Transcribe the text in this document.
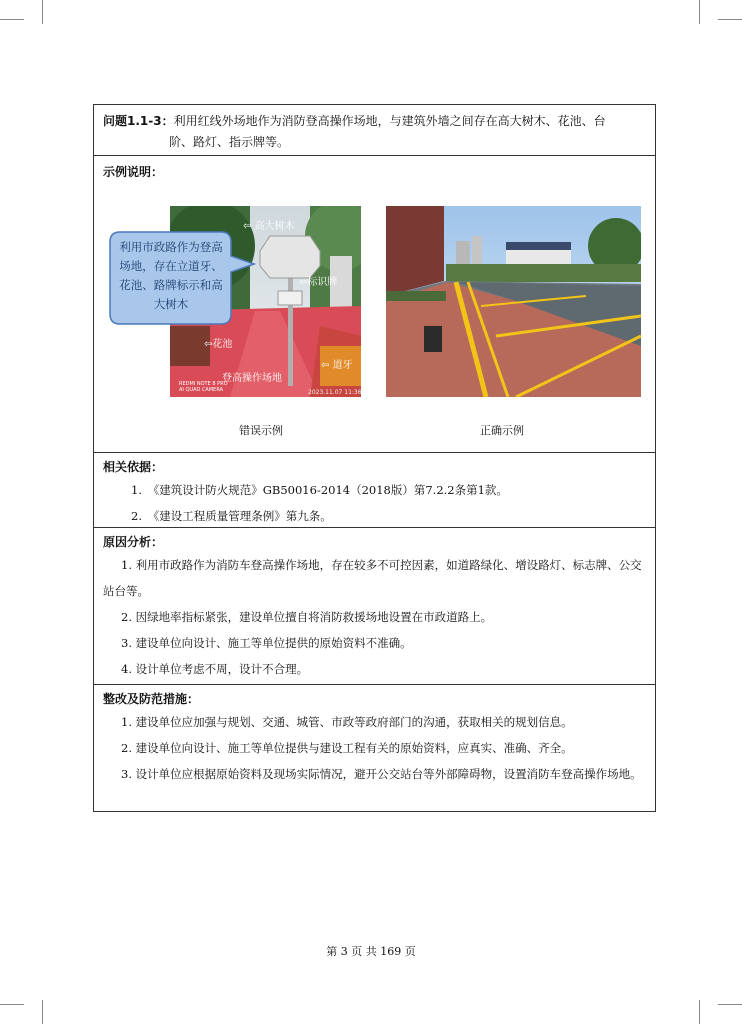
问题1.1-3：利用红线外场地作为消防登高操作场地，与建筑外墙之间存在高大树木、花池、台
阶、路灯、指示牌等。
示例说明：
⇦ 高大树木
⇦标识牌
⇦花池
⇦ 道牙
登高操作场地
REDMI NOTE 8 PRO
AI QUAD CAMERA	2023.11.07 11:36
利用市政路作为登高场地，存在立道牙、花池、路牌标示和高大树木
错误示例	正确示例
相关依据：
1.　《建筑设计防火规范》GB50016-2014（2018版）第7.2.2条第1款。
2.　《建设工程质量管理条例》第九条。
原因分析：
1. 利用市政路作为消防车登高操作场地，存在较多不可控因素，如道路绿化、增设路灯、标志牌、公交站台等。
2. 因绿地率指标紧张，建设单位擅自将消防救援场地设置在市政道路上。
3. 建设单位向设计、施工等单位提供的原始资料不准确。
4. 设计单位考虑不周，设计不合理。
整改及防范措施：
1. 建设单位应加强与规划、交通、城管、市政等政府部门的沟通，获取相关的规划信息。
2. 建设单位向设计、施工等单位提供与建设工程有关的原始资料，应真实、准确、齐全。
3. 设计单位应根据原始资料及现场实际情况，避开公交站台等外部障碍物，设置消防车登高操作场地。
第 3 页 共 169 页
